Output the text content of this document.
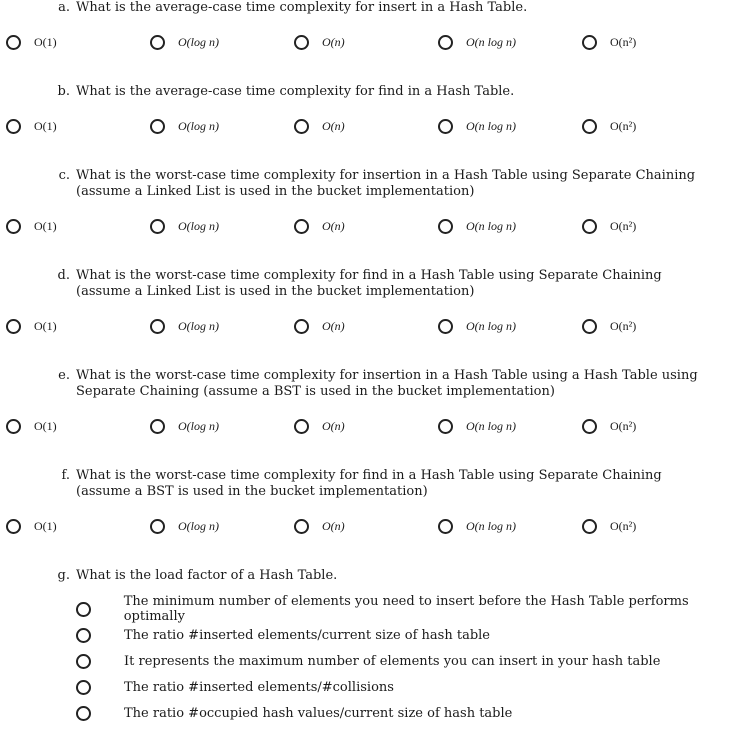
a. What is the average-case time complexity for insert in a Hash Table.
O(1)	O(log n)	O(n)	O(n log n)	O(n²)
b. What is the average-case time complexity for find in a Hash Table.
O(1)	O(log n)	O(n)	O(n log n)	O(n²)
c. What is the worst-case time complexity for insertion in a Hash Table using Separate Chaining (assume a Linked List is used in the bucket implementation)
O(1)	O(log n)	O(n)	O(n log n)	O(n²)
d. What is the worst-case time complexity for find in a Hash Table using Separate Chaining (assume a Linked List is used in the bucket implementation)
O(1)	O(log n)	O(n)	O(n log n)	O(n²)
e. What is the worst-case time complexity for insertion in a Hash Table using a Hash Table using Separate Chaining (assume a BST is used in the bucket implementation)
O(1)	O(log n)	O(n)	O(n log n)	O(n²)
f. What is the worst-case time complexity for find in a Hash Table using Separate Chaining (assume a BST is used in the bucket implementation)
O(1)	O(log n)	O(n)	O(n log n)	O(n²)
g. What is the load factor of a Hash Table.
The minimum number of elements you need to insert before the Hash Table performs optimally
The ratio #inserted elements/current size of hash table
It represents the maximum number of elements you can insert in your hash table
The ratio #inserted elements/#collisions
The ratio #occupied hash values/current size of hash table
